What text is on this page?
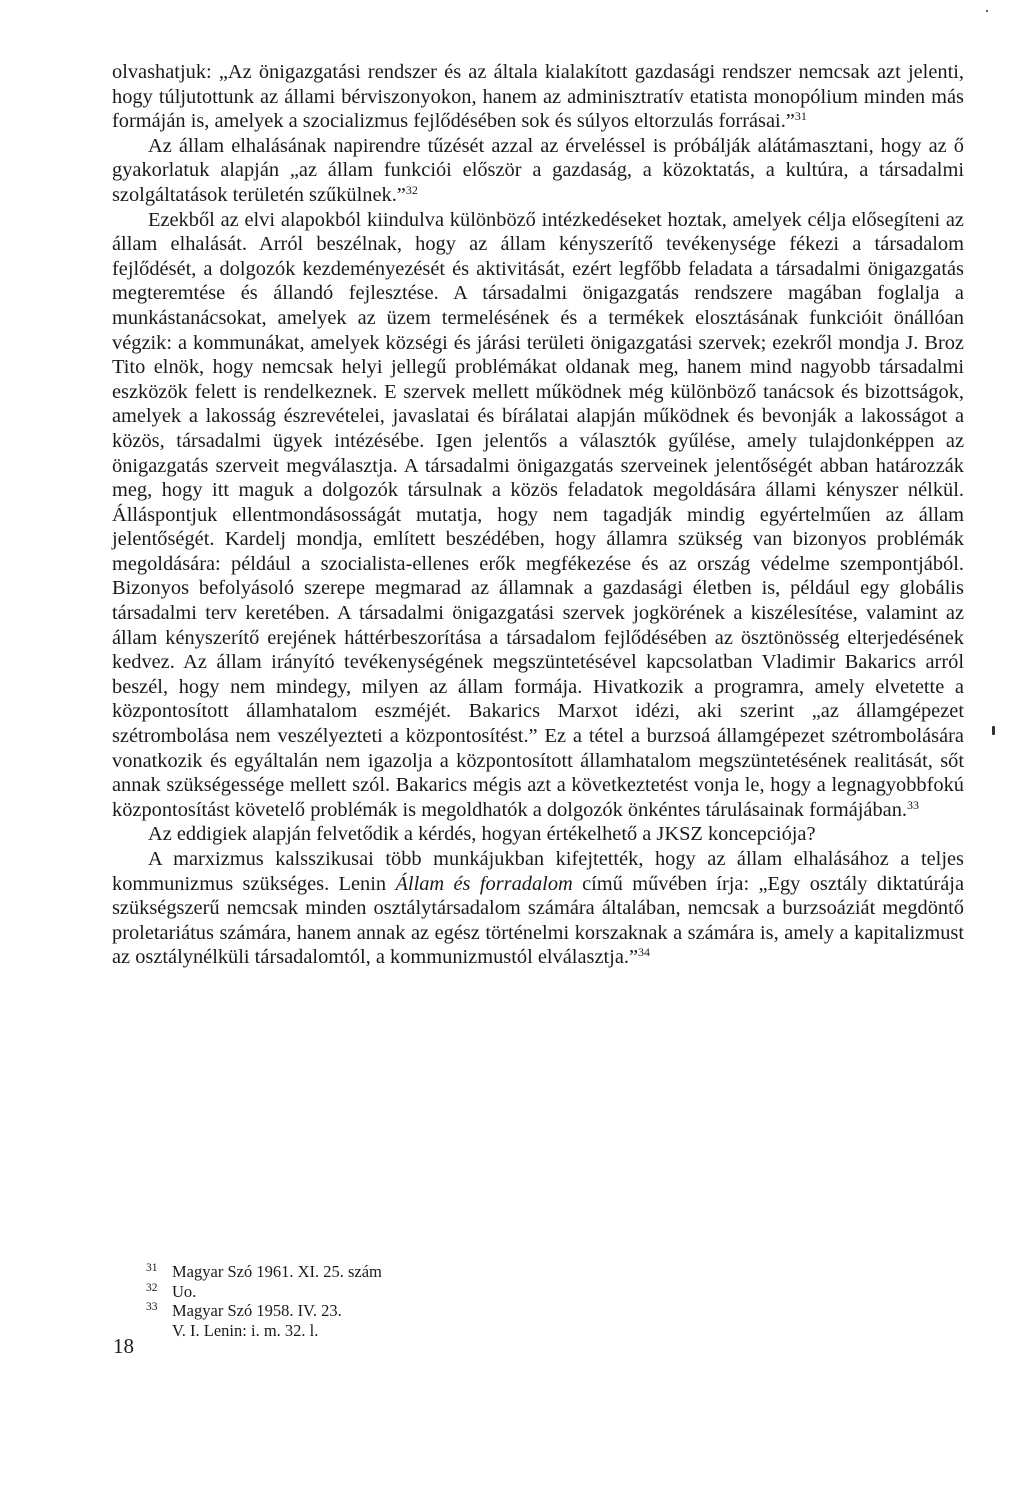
olvashatjuk: „Az önigazgatási rendszer és az általa kialakított gazdasági rendszer nemcsak azt jelenti, hogy túljutottunk az állami bérviszonyokon, hanem az adminisztratív etatista monopólium minden más formáján is, amelyek a szocializmus fejlődésében sok és súlyos eltorzulás forrásai.”$^{31}$

Az állam elhalásának napirendre tűzését azzal az érveléssel is próbálják alátámasztani, hogy az ő gyakorlatuk alapján „az állam funkciói először a gazdaság, a közoktatás, a kultúra, a társadalmi szolgáltatások területén szűkülnek.”$^{32}$

Ezekből az elvi alapokból kiindulva különböző intézkedéseket hoztak, amelyek célja elősegíteni az állam elhalását. Arról beszélnak, hogy az állam kényszerítő tevékenysége fékezi a társadalom fejlődését, a dolgozók kezdeményezését és aktivitását, ezért legfőbb feladata a társadalmi önigazgatás megteremtése és állandó fejlesztése. A társadalmi önigazgatás rendszere magában foglalja a munkástanácsokat, amelyek az üzem termelésének és a termékek elosztásának funkcióit önállóan végzik: a kommunákat, amelyek községi és járási területi önigazgatási szervek; ezekről mondja J. Broz Tito elnök, hogy nemcsak helyi jellegű problémákat oldanak meg, hanem mind nagyobb társadalmi eszközök felett is rendelkeznek. E szervek mellett működnek még különböző tanácsok és bizottságok, amelyek a lakosság észrevételei, javaslatai és bírálatai alapján működnek és bevonják a lakosságot a közös, társadalmi ügyek intézésébe. Igen jelentős a választók gyűlése, amely tulajdonképpen az önigazgatás szerveit megválasztja. A társadalmi önigazgatás szerveinek jelentőségét abban határozzák meg, hogy itt maguk a dolgozók társulnak a közös feladatok megoldására állami kényszer nélkül. Álláspontjuk ellentmondásosságát mutatja, hogy nem tagadják mindig egyértelműen az állam jelentőségét. Kardelj mondja, említett beszédében, hogy államra szükség van bizonyos problémák megoldására: például a szocialista-ellenes erők megfékezése és az ország védelme szempontjából. Bizonyos befolyásoló szerepe megmarad az államnak a gazdasági életben is, például egy globális társadalmi terv keretében. A társadalmi önigazgatási szervek jogkörének a kiszélesítése, valamint az állam kényszerítő erejének háttérbeszorítása a társadalom fejlődésében az ösztönösség elterjedésének kedvez. Az állam irányító tevékenységének megszüntetésével kapcsolatban Vladimir Bakarics arról beszél, hogy nem mindegy, milyen az állam formája. Hivatkozik a programra, amely elvetette a központosított államhatalom eszméjét. Bakarics Marxot idézi, aki szerint „az államgépezet szétrombolása nem veszélyezteti a központosítést.” Ez a tétel a burzsoá államgépezet szétrombolására vonatkozik és egyáltalán nem igazolja a központosított államhatalom megszüntetésének realitását, sőt annak szükségessége mellett szól. Bakarics mégis azt a következtetést vonja le, hogy a legnagyobbfokú központosítást követelő problémák is megoldhatók a dolgozók önkéntes tárulásainak formájában.$^{33}$

Az eddigiek alapján felvetődik a kérdés, hogyan értékelhető a JKSZ koncepciója?

A marxizmus kalsszikusai több munkájukban kifejtették, hogy az állam elhalásához a teljes kommunizmus szükséges. Lenin Állam és forradalom című művében írja: „Egy osztály diktatúrája szükségszerű nemcsak minden osztálytársadalom számára általában, nemcsak a burzsoáziát megdöntő proletariátus számára, hanem annak az egész történelmi korszaknak a számára is, amely a kapitalizmust az osztálynélküli társadalomtól, a kommunizmustól elválasztja.”$^{34}$

31 Magyar Szó 1961. XI. 25. szám
32 Uo.
33 Magyar Szó 1958. IV. 23.
V. I. Lenin: i. m. 32. l.
18
